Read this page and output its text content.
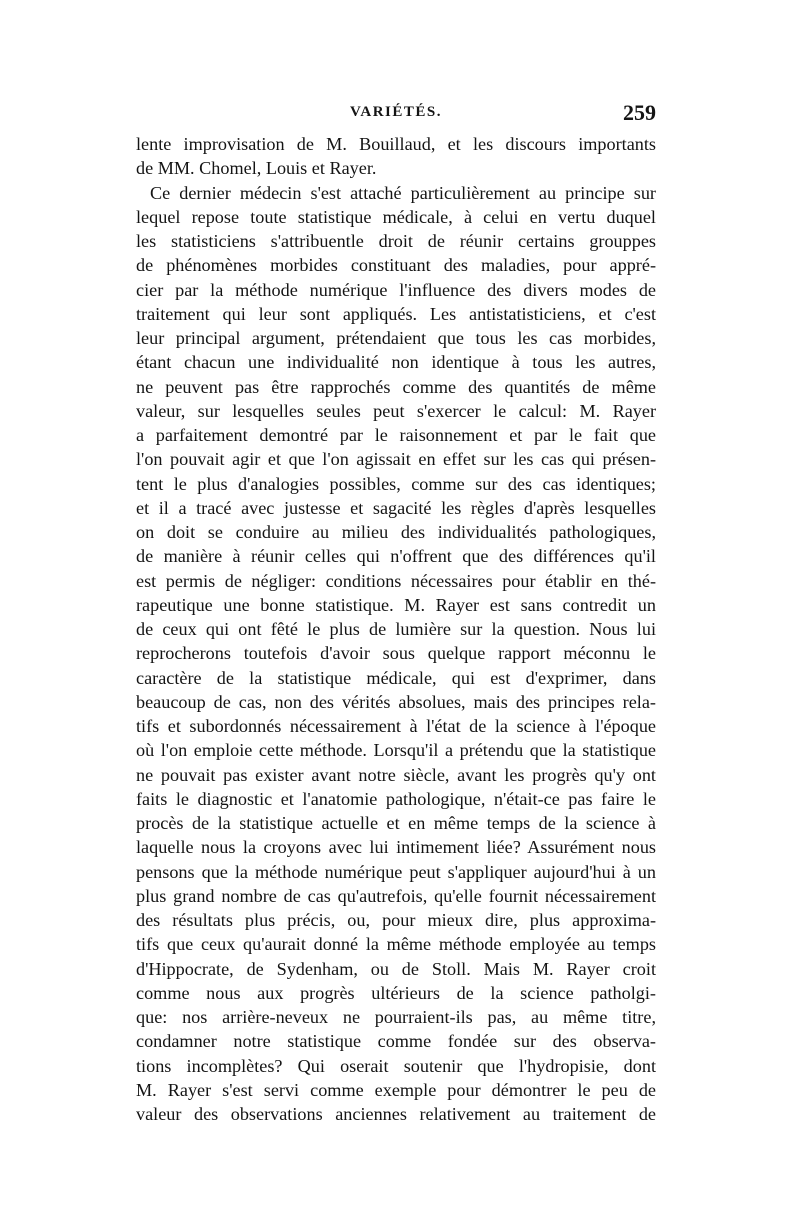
VARIÉTÉS.	259
lente improvisation de M. Bouillaud, et les discours importants
de MM. Chomel, Louis et Rayer.
Ce dernier médecin s'est attaché particulièrement au principe sur
lequel repose toute statistique médicale, à celui en vertu duquel
les statisticiens s'attribuentle droit de réunir certains grouppes
de phénomènes morbides constituant des maladies, pour appré-
cier par la méthode numérique l'influence des divers modes de
traitement qui leur sont appliqués. Les antistatisticiens, et c'est
leur principal argument, prétendaient que tous les cas morbides,
étant chacun une individualité non identique à tous les autres,
ne peuvent pas être rapprochés comme des quantités de même
valeur, sur lesquelles seules peut s'exercer le calcul: M. Rayer
a parfaitement demontré par le raisonnement et par le fait que
l'on pouvait agir et que l'on agissait en effet sur les cas qui présen-
tent le plus d'analogies possibles, comme sur des cas identiques;
et il a tracé avec justesse et sagacité les règles d'après lesquelles
on doit se conduire au milieu des individualités pathologiques,
de manière à réunir celles qui n'offrent que des différences qu'il
est permis de négliger: conditions nécessaires pour établir en thé-
rapeutique une bonne statistique. M. Rayer est sans contredit un
de ceux qui ont fêté le plus de lumière sur la question. Nous lui
reprocherons toutefois d'avoir sous quelque rapport méconnu le
caractère de la statistique médicale, qui est d'exprimer, dans
beaucoup de cas, non des vérités absolues, mais des principes rela-
tifs et subordonnés nécessairement à l'état de la science à l'époque
où l'on emploie cette méthode. Lorsqu'il a prétendu que la statistique
ne pouvait pas exister avant notre siècle, avant les progrès qu'y ont
faits le diagnostic et l'anatomie pathologique, n'était-ce pas faire le
procès de la statistique actuelle et en même temps de la science à
laquelle nous la croyons avec lui intimement liée? Assurément nous
pensons que la méthode numérique peut s'appliquer aujourd'hui à un
plus grand nombre de cas qu'autrefois, qu'elle fournit nécessairement
des résultats plus précis, ou, pour mieux dire, plus approxima-
tifs que ceux qu'aurait donné la même méthode employée au temps
d'Hippocrate, de Sydenham, ou de Stoll. Mais M. Rayer croit
comme nous aux progrès ultérieurs de la science patholgi-
que: nos arrière-neveux ne pourraient-ils pas, au même titre,
condamner notre statistique comme fondée sur des observa-
tions incomplètes? Qui oserait soutenir que l'hydropisie, dont
M. Rayer s'est servi comme exemple pour démontrer le peu de
valeur des observations anciennes relativement au traitement de
